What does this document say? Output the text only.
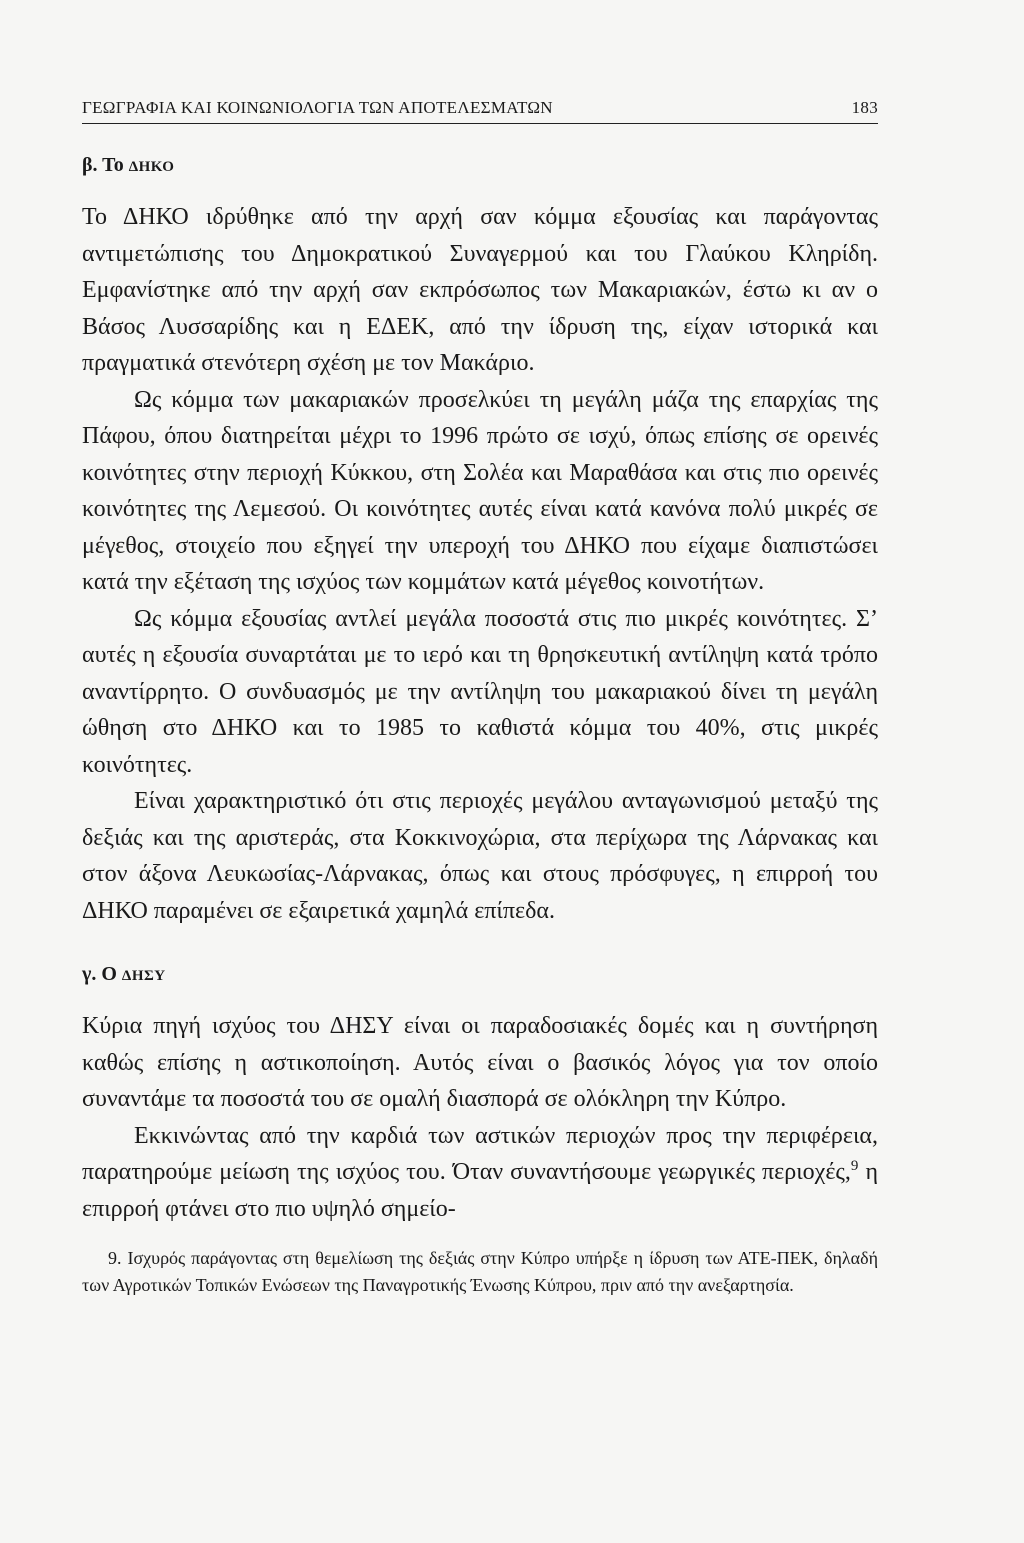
ΓΕΩΓΡΑΦΙΑ ΚΑΙ ΚΟΙΝΩΝΙΟΛΟΓΙΑ ΤΩΝ ΑΠΟΤΕΛΕΣΜΑΤΩΝ	183
β. Το ΔΗΚΟ

Το ΔΗΚΟ ιδρύθηκε από την αρχή σαν κόμμα εξουσίας και παράγοντας αντιμετώπισης του Δημοκρατικού Συναγερμού και του Γλαύκου Κληρίδη. Εμφανίστηκε από την αρχή σαν εκπρόσωπος των Μακαριακών, έστω κι αν ο Βάσος Λυσσαρίδης και η ΕΔΕΚ, από την ίδρυση της, είχαν ιστορικά και πραγματικά στενότερη σχέση με τον Μακάριο.

Ως κόμμα των μακαριακών προσελκύει τη μεγάλη μάζα της επαρχίας της Πάφου, όπου διατηρείται μέχρι το 1996 πρώτο σε ισχύ, όπως επίσης σε ορεινές κοινότητες στην περιοχή Κύκκου, στη Σολέα και Μαραθάσα και στις πιο ορεινές κοινότητες της Λεμεσού. Οι κοινότητες αυτές είναι κατά κανόνα πολύ μικρές σε μέγεθος, στοιχείο που εξηγεί την υπεροχή του ΔΗΚΟ που είχαμε διαπιστώσει κατά την εξέταση της ισχύος των κομμάτων κατά μέγεθος κοινοτήτων.

Ως κόμμα εξουσίας αντλεί μεγάλα ποσοστά στις πιο μικρές κοινότητες. Σ’ αυτές η εξουσία συναρτάται με το ιερό και τη θρησκευτική αντίληψη κατά τρόπο αναντίρρητο. Ο συνδυασμός με την αντίληψη του μακαριακού δίνει τη μεγάλη ώθηση στο ΔΗΚΟ και το 1985 το καθιστά κόμμα του 40%, στις μικρές κοινότητες.

Είναι χαρακτηριστικό ότι στις περιοχές μεγάλου ανταγωνισμού μεταξύ της δεξιάς και της αριστεράς, στα Κοκκινοχώρια, στα περίχωρα της Λάρνακας και στον άξονα Λευκωσίας-Λάρνακας, όπως και στους πρόσφυγες, η επιρροή του ΔΗΚΟ παραμένει σε εξαιρετικά χαμηλά επίπεδα.

γ. Ο ΔΗΣΥ

Κύρια πηγή ισχύος του ΔΗΣΥ είναι οι παραδοσιακές δομές και η συντήρηση καθώς επίσης η αστικοποίηση. Αυτός είναι ο βασικός λόγος για τον οποίο συναντάμε τα ποσοστά του σε ομαλή διασπορά σε ολόκληρη την Κύπρο.

Εκκινώντας από την καρδιά των αστικών περιοχών προς την περιφέρεια, παρατηρούμε μείωση της ισχύος του. Όταν συναντήσουμε γεωργικές περιοχές,$^9$ η επιρροή φτάνει στο πιο υψηλό σημείο-

9. Ισχυρός παράγοντας στη θεμελίωση της δεξιάς στην Κύπρο υπήρξε η ίδρυση των ΑΤΕ-ΠΕΚ, δηλαδή των Αγροτικών Τοπικών Ενώσεων της Παναγροτικής Ένωσης Κύπρου, πριν από την ανεξαρτησία.
